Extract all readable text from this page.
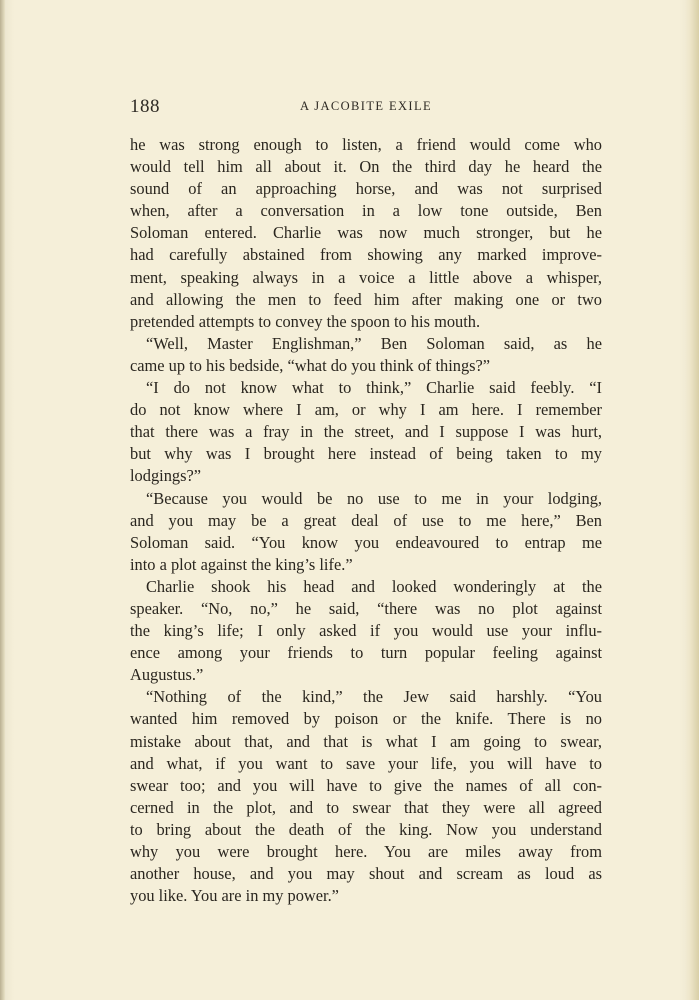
188	A JACOBITE EXILE
he was strong enough to listen, a friend would come who
would tell him all about it. On the third day he heard the
sound of an approaching horse, and was not surprised
when, after a conversation in a low tone outside, Ben
Soloman entered. Charlie was now much stronger, but he
had carefully abstained from showing any marked improve-
ment, speaking always in a voice a little above a whisper,
and allowing the men to feed him after making one or two
pretended attempts to convey the spoon to his mouth.
“Well, Master Englishman,” Ben Soloman said, as he
came up to his bedside, “what do you think of things?”
“I do not know what to think,” Charlie said feebly. “I
do not know where I am, or why I am here. I remember
that there was a fray in the street, and I suppose I was hurt,
but why was I brought here instead of being taken to my
lodgings?”
“Because you would be no use to me in your lodging,
and you may be a great deal of use to me here,” Ben
Soloman said. “You know you endeavoured to entrap me
into a plot against the king’s life.”
Charlie shook his head and looked wonderingly at the
speaker. “No, no,” he said, “there was no plot against
the king’s life; I only asked if you would use your influ-
ence among your friends to turn popular feeling against
Augustus.”
“Nothing of the kind,” the Jew said harshly. “You
wanted him removed by poison or the knife. There is no
mistake about that, and that is what I am going to swear,
and what, if you want to save your life, you will have to
swear too; and you will have to give the names of all con-
cerned in the plot, and to swear that they were all agreed
to bring about the death of the king. Now you understand
why you were brought here. You are miles away from
another house, and you may shout and scream as loud as
you like. You are in my power.”
